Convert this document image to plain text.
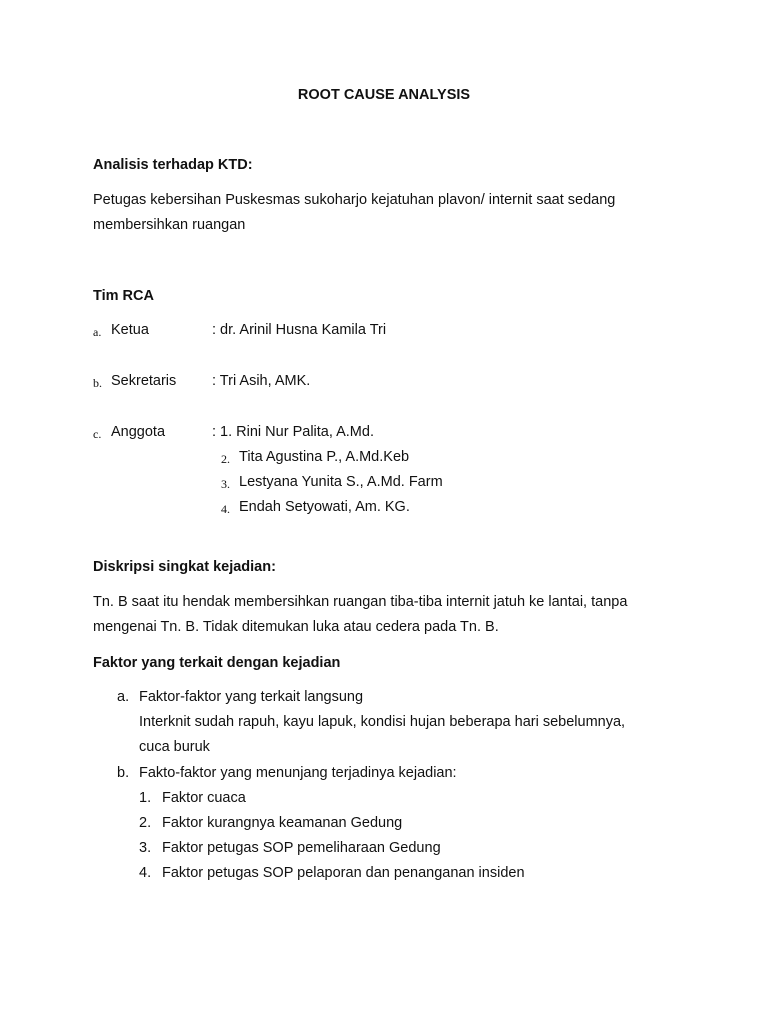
ROOT CAUSE ANALYSIS
Analisis terhadap KTD:
Petugas kebersihan Puskesmas sukoharjo kejatuhan plavon/ internit saat sedang
membersihkan ruangan
Tim RCA
a. Ketua	: dr. Arinil Husna Kamila Tri
b. Sekretaris : Tri Asih, AMK.
c. Anggota	: 1. Rini Nur Palita, A.Md.
2. Tita Agustina P., A.Md.Keb
3. Lestyana Yunita S., A.Md. Farm
4. Endah Setyowati, Am. KG.
Diskripsi singkat kejadian:
Tn. B saat itu hendak membersihkan ruangan tiba-tiba internit jatuh ke lantai, tanpa
mengenai Tn. B. Tidak ditemukan luka atau cedera pada Tn. B.
Faktor yang terkait dengan kejadian
a. Faktor-faktor yang terkait langsung
Interknit sudah rapuh, kayu lapuk, kondisi hujan beberapa hari sebelumnya,
cuca buruk
b. Fakto-faktor yang menunjang terjadinya kejadian:
1. Faktor cuaca
2. Faktor kurangnya keamanan Gedung
3. Faktor petugas SOP pemeliharaan Gedung
4. Faktor petugas SOP pelaporan dan penanganan insiden
